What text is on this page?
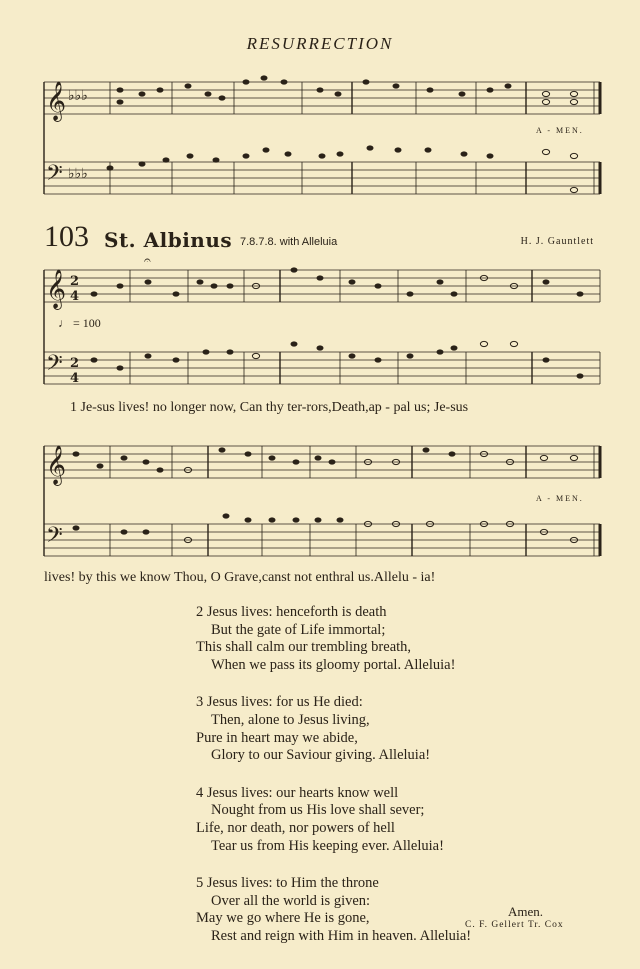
RESURRECTION
𝄞
𝄢
♭♭♭
♭♭♭
A - MEN.
103 St. Albinus 7.8.7.8. with Alleluia	H. J. Gauntlett
𝄞
𝄢
2
4
2
4
𝄐
♩ = 100
1 Je-sus lives! no longer now, Can thy ter-rors,Death,ap - pal us; Je-sus
𝄞
𝄢
A - MEN.
lives! by this we know Thou, O Grave,canst not enthral us.Allelu - ia!
2 Jesus lives: henceforth is death
But the gate of Life immortal;
This shall calm our trembling breath,
When we pass its gloomy portal. Alleluia!
3 Jesus lives: for us He died:
Then, alone to Jesus living,
Pure in heart may we abide,
Glory to our Saviour giving. Alleluia!
4 Jesus lives: our hearts know well
Nought from us His love shall sever;
Life, nor death, nor powers of hell
Tear us from His keeping ever. Alleluia!
5 Jesus lives: to Him the throne
Over all the world is given:
May we go where He is gone,
Rest and reign with Him in heaven. Alleluia!
Amen.
C. F. Gellert Tr. Cox
